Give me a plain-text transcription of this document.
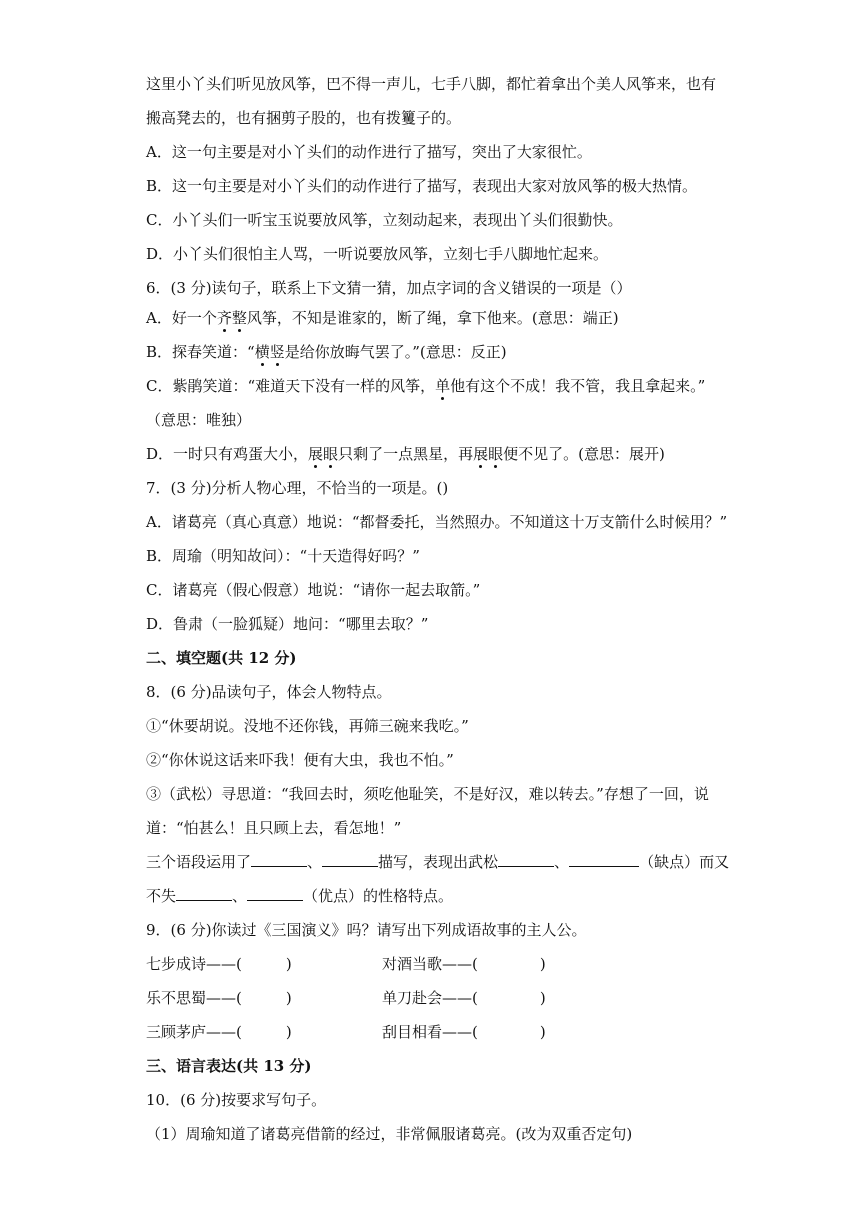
这里小丫头们听见放风筝，巴不得一声儿，七手八脚，都忙着拿出个美人风筝来，也有
搬高凳去的，也有捆剪子股的，也有拨籰子的。
A．这一句主要是对小丫头们的动作进行了描写，突出了大家很忙。
B．这一句主要是对小丫头们的动作进行了描写，表现出大家对放风筝的极大热情。
C．小丫头们一听宝玉说要放风筝，立刻动起来，表现出丫头们很勤快。
D．小丫头们很怕主人骂，一听说要放风筝，立刻七手八脚地忙起来。
6．(3 分)读句子，联系上下文猜一猜，加点字词的含义错误的一项是（）
A．好一个齐整风筝，不知是谁家的，断了绳，拿下他来。(意思：端正)
B．探春笑道：“横竖是给你放晦气罢了。”(意思：反正)
C．紫鹃笑道：“难道天下没有一样的风筝，单他有这个不成！我不管，我且拿起来。”
（意思：唯独）
D．一时只有鸡蛋大小，展眼只剩了一点黑星，再展眼便不见了。(意思：展开)
7．(3 分)分析人物心理，不恰当的一项是。()
A．诸葛亮（真心真意）地说：“都督委托，当然照办。不知道这十万支箭什么时候用？”
B．周瑜（明知故问）：“十天造得好吗？”
C．诸葛亮（假心假意）地说：“请你一起去取箭。”
D．鲁肃（一脸狐疑）地问：“哪里去取？”
二、填空题(共 12 分)
8．(6 分)品读句子，体会人物特点。
①“休要胡说。没地不还你钱，再筛三碗来我吃。”
②“你休说这话来吓我！便有大虫，我也不怕。”
③（武松）寻思道：“我回去时，须吃他耻笑，不是好汉，难以转去。”存想了一回，说
道：“怕甚么！且只顾上去，看怎地！”
三个语段运用了	、	描写，表现出武松	、	（缺点）而又
不失	、	（优点）的性格特点。
9．(6 分)你读过《三国演义》吗？请写出下列成语故事的主人公。
七步成诗——(	)	对酒当歌——(	)
乐不思蜀——(	)	单刀赴会——(	)
三顾茅庐——(	)	刮目相看——(	)
三、语言表达(共 13 分)
10．(6 分)按要求写句子。
（1）周瑜知道了诸葛亮借箭的经过，非常佩服诸葛亮。(改为双重否定句)
